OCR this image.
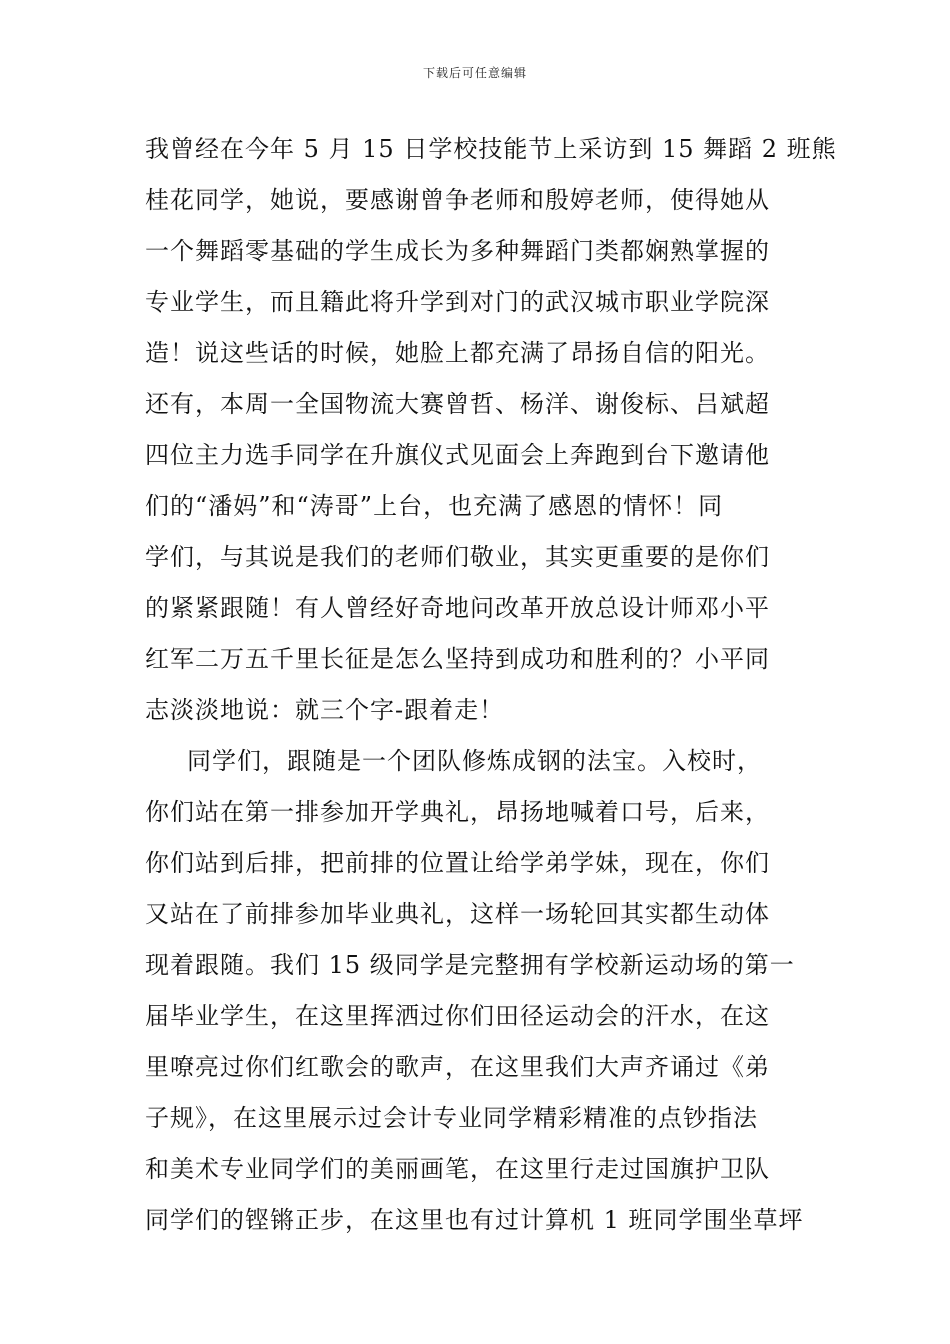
下载后可任意编辑
我曾经在今年 5 月 15 日学校技能节上采访到 15 舞蹈 2 班熊
桂花同学，她说，要感谢曾争老师和殷婷老师，使得她从
一个舞蹈零基础的学生成长为多种舞蹈门类都娴熟掌握的
专业学生，而且籍此将升学到对门的武汉城市职业学院深
造！说这些话的时候，她脸上都充满了昂扬自信的阳光。
还有，本周一全国物流大赛曾哲、杨洋、谢俊标、吕斌超
四位主力选手同学在升旗仪式见面会上奔跑到台下邀请他
们的“潘妈”和“涛哥”上台，也充满了感恩的情怀！同
学们，与其说是我们的老师们敬业，其实更重要的是你们
的紧紧跟随！有人曾经好奇地问改革开放总设计师邓小平
红军二万五千里长征是怎么坚持到成功和胜利的？小平同
志淡淡地说：就三个字-跟着走！
同学们，跟随是一个团队修炼成钢的法宝。入校时，
你们站在第一排参加开学典礼，昂扬地喊着口号，后来，
你们站到后排，把前排的位置让给学弟学妹，现在，你们
又站在了前排参加毕业典礼，这样一场轮回其实都生动体
现着跟随。我们 15 级同学是完整拥有学校新运动场的第一
届毕业学生，在这里挥洒过你们田径运动会的汗水，在这
里嘹亮过你们红歌会的歌声，在这里我们大声齐诵过《弟
子规》，在这里展示过会计专业同学精彩精准的点钞指法
和美术专业同学们的美丽画笔，在这里行走过国旗护卫队
同学们的铿锵正步，在这里也有过计算机 1 班同学围坐草坪
